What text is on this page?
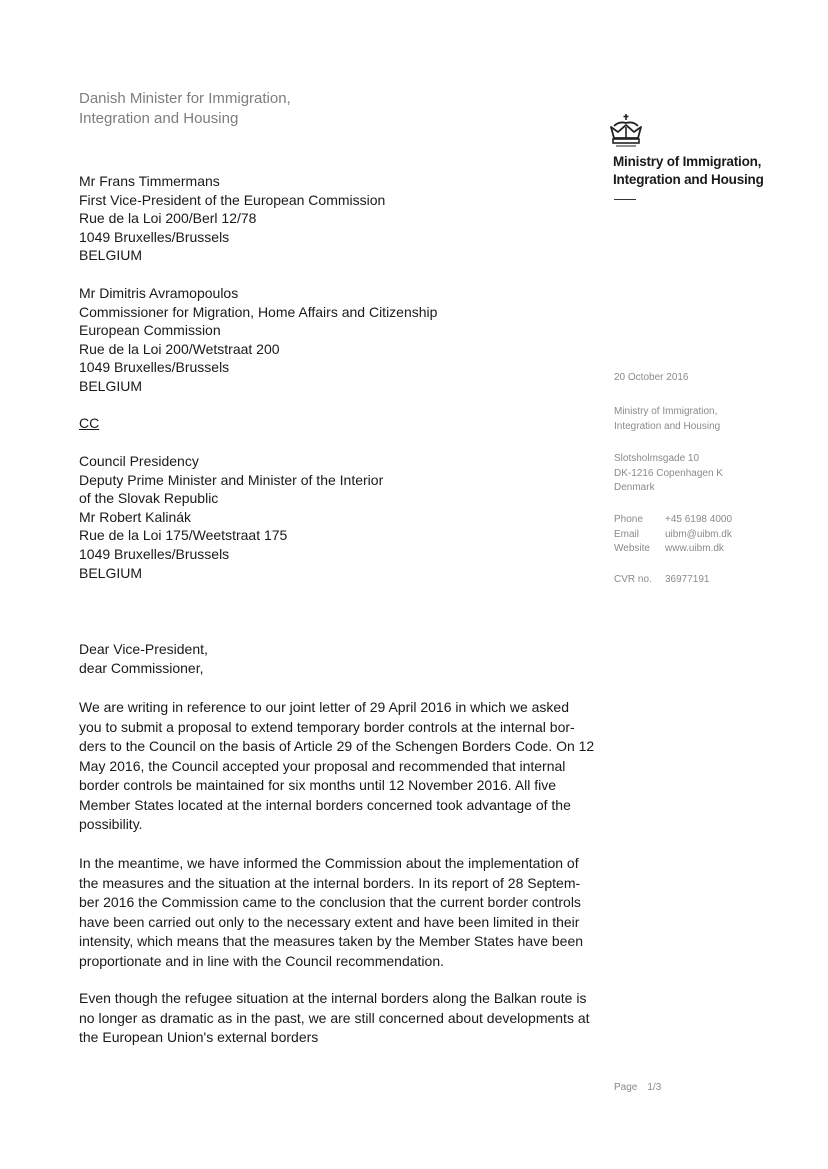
Danish Minister for Immigration,
Integration and Housing
Ministry of Immigration,
Integration and Housing
Mr Frans Timmermans
First Vice-President of the European Commission
Rue de la Loi 200/Berl 12/78
1049 Bruxelles/Brussels
BELGIUM
Mr Dimitris Avramopoulos
Commissioner for Migration, Home Affairs and Citizenship
European Commission
Rue de la Loi 200/Wetstraat 200
1049 Bruxelles/Brussels
BELGIUM
CC
Council Presidency
Deputy Prime Minister and Minister of the Interior
of the Slovak Republic
Mr Robert Kalinák
Rue de la Loi 175/Weetstraat 175
1049 Bruxelles/Brussels
BELGIUM
20 October 2016
Ministry of Immigration,
Integration and Housing
Slotsholmsgade 10
DK-1216 Copenhagen K
Denmark
Phone	+45 6198 4000
Email	uibm@uibm.dk
Website	www.uibm.dk
CVR no.	36977191
Dear Vice-President,
dear Commissioner,
We are writing in reference to our joint letter of 29 April 2016 in which we asked
you to submit a proposal to extend temporary border controls at the internal bor-
ders to the Council on the basis of Article 29 of the Schengen Borders Code. On 12
May 2016, the Council accepted your proposal and recommended that internal
border controls be maintained for six months until 12 November 2016. All five
Member States located at the internal borders concerned took advantage of the
possibility.
In the meantime, we have informed the Commission about the implementation of
the measures and the situation at the internal borders. In its report of 28 Septem-
ber 2016 the Commission came to the conclusion that the current border controls
have been carried out only to the necessary extent and have been limited in their
intensity, which means that the measures taken by the Member States have been
proportionate and in line with the Council recommendation.
Even though the refugee situation at the internal borders along the Balkan route is
no longer as dramatic as in the past, we are still concerned about developments at
the European Union's external borders
Page 1/3
